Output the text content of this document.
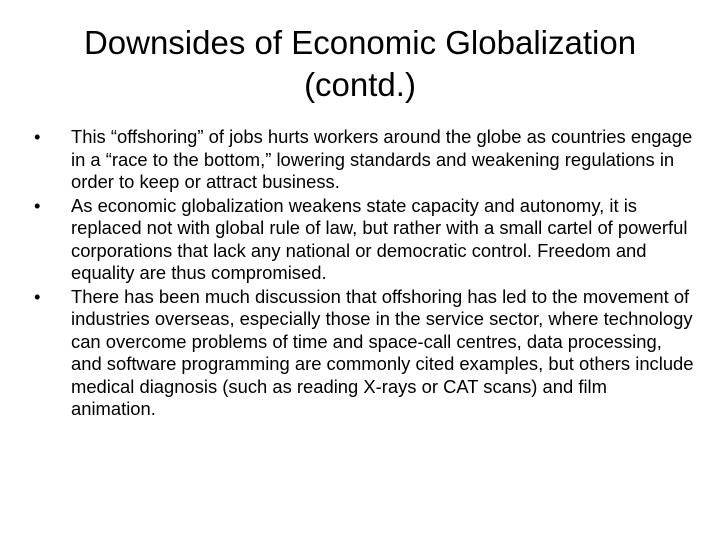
Downsides of Economic Globalization
(contd.)
•	This “offshoring” of jobs hurts workers around the globe as countries engage in a “race to the bottom,” lowering standards and weakening regulations in order to keep or attract business.
•	As economic globalization weakens state capacity and autonomy, it is replaced not with global rule of law, but rather with a small cartel of powerful corporations that lack any national or democratic control. Freedom and equality are thus compromised.
•	There has been much discussion that offshoring has led to the movement of industries overseas, especially those in the service sector, where technology can overcome problems of time and space-call centres, data processing, and software programming are commonly cited examples, but others include medical diagnosis (such as reading X-rays or CAT scans) and film animation.
